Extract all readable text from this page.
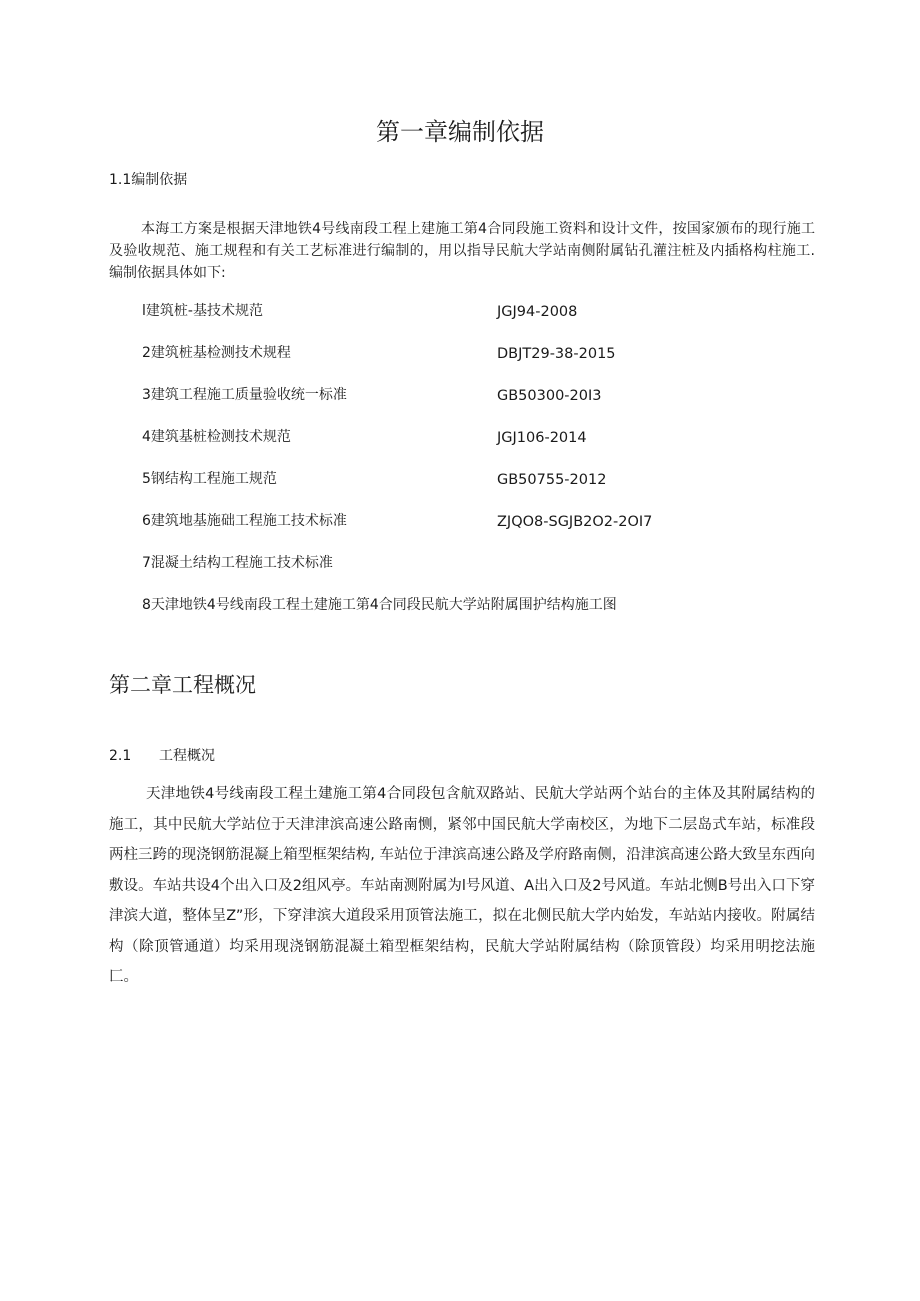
第一章编制依据
1.1编制依据

本海工方案是根据天津地铁4号线南段工程上建施工第4合同段施工资料和设计文件，按国家颁布的现行施工及验收规范、施工规程和有关工艺标准进行编制的，用以指导民航大学站南侧附属钻孔灌注桩及内插格构柱施工. 编制依据具体如下:

l建筑桩-基技术规范	JGJ94-2008
2建筑桩基检测技术规程	DBJT29-38-2015
3建筑工程施工质量验收统一标准	GB50300-20I3
4建筑基桩检测技术规范	JGJ106-2014
5钢结构工程施工规范	GB50755-2012
6建筑地基施础工程施工技术标准	ZJQO8-SGJB2O2-2OI7
7混凝土结构工程施工技术标准
8天津地铁4号线南段工程土建施工第4合同段民航大学站附属围护结构施工图
第二章工程概况
2.1 工程概况

天津地铁4号线南段工程土建施工第4合同段包含航双路站、民航大学站两个站台的主体及其附属结构的施工，其中民航大学站位于天津津滨高速公路南恻，紧邻中国民航大学南校区，为地下二层岛式车站，标准段两柱三跨的现浇钢筋混凝上箱型框架结构, 车站位于津滨高速公路及学府路南侧，沿津滨高速公路大致呈东西向敷设。车站共设4个出入口及2组风亭。车站南测附属为l号风道、A出入口及2号风道。车站北恻B号出入口下穿津滨大道，整体呈Z”形，下穿津滨大道段采用顶管法施工，拟在北侧民航大学内始发，车站站内接收。附属结构（除顶管通道）均采用现浇钢筋混凝土箱型框架结构，民航大学站附属结构（除顶管段）均采用明挖法施匚。
